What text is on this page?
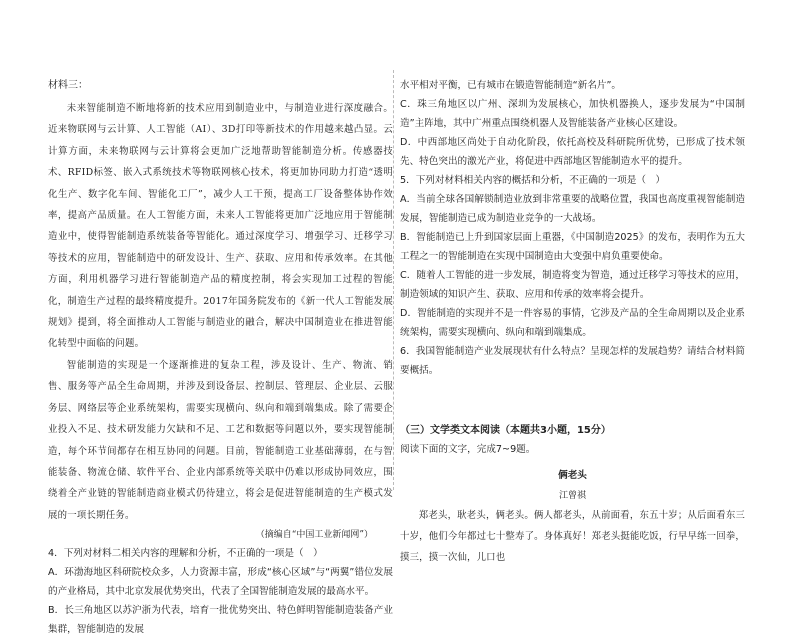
材料三：

未来智能制造不断地将新的技术应用到制造业中，与制造业进行深度融合。近来物联网与云计算、人工智能（AI）、3D打印等新技术的作用越来越凸显。云计算方面，未来物联网与云计算将会更加广泛地帮助智能制造分析。传感器技术、RFID标签、嵌入式系统技术等物联网核心技术，将更加协同助力打造“透明化生产、数字化车间、智能化工厂”，减少人工干预，提高工厂设备整体协作效率，提高产品质量。在人工智能方面，未来人工智能将更加广泛地应用于智能制造业中，使得智能制造系统装备等智能化。通过深度学习、增强学习、迁移学习等技术的应用，智能制造中的研发设计、生产、获取、应用和传承效率。在其他方面，利用机器学习进行智能制造产品的精度控制，将会实现加工过程的智能化，制造生产过程的最终精度提升。2017年国务院发布的《新一代人工智能发展规划》提到，将全面推动人工智能与制造业的融合，解决中国制造业在推进智能化转型中面临的问题。

智能制造的实现是一个逐渐推进的复杂工程，涉及设计、生产、物流、销售、服务等产品全生命周期，并涉及到设备层、控制层、管理层、企业层、云服务层、网络层等企业系统架构，需要实现横向、纵向和端到端集成。除了需要企业投入不足、技术研发能力欠缺和不足、工艺和数据等问题以外，要实现智能制造，每个环节间都存在相互协同的问题。目前，智能制造工业基础薄弱，在与智能装备、物流仓储、软件平台、企业内部系统等关联中仍难以形成协同效应，围绕着全产业链的智能制造商业模式仍待建立，将会是促进智能制造的生产模式发展的一项长期任务。

（摘编自“中国工业新闻网”）

4．下列对材料二相关内容的理解和分析，不正确的一项是（　）

A．环渤海地区科研院校众多，人力资源丰富，形成“核心区域”与“两翼”错位发展的产业格局，其中北京发展优势突出，代表了全国智能制造发展的最高水平。

B．长三角地区以苏沪浙为代表，培育一批优势突出、特色鲜明智能制造装备产业集群，智能制造的发展

水平相对平衡，已有城市在锻造智能制造“新名片”。

C．珠三角地区以广州、深圳为发展核心，加快机器换人，逐步发展为“中国制造”主阵地，其中广州重点围绕机器人及智能装备产业核心区建设。

D．中西部地区尚处于自动化阶段，依托高校及科研院所优势，已形成了技术领先、特色突出的激光产业，将促进中西部地区智能制造水平的提升。

5．下列对材料相关内容的概括和分析，不正确的一项是（　）

A．当前全球各国解锁制造业放到非常重要的战略位置，我国也高度重视智能制造发展，智能制造已成为制造业竞争的一大战场。

B．智能制造已上升到国家层面上重器，《中国制造2025》的发布，表明作为五大工程之一的智能制造在实现中国制造由大变强中肩负重要使命。

C．随着人工智能的进一步发展，制造将变为智造，通过迁移学习等技术的应用，制造领域的知识产生、获取、应用和传承的效率将会提升。

D．智能制造的实现并不是一件容易的事情，它涉及产品的全生命周期以及企业系统架构，需要实现横向、纵向和端到端集成。

6．我国智能制造产业发展现状有什么特点？呈现怎样的发展趋势？请结合材料简要概括。

（三）文学类文本阅读（本题共3小题，15分）

阅读下面的文字，完成7~9题。

俩老头

江曾祺

郑老头，耿老头，俩老头。俩人都老头，从前面看，东五十岁；从后面看东三十岁，他们今年都过七十整寿了。身体真好！郑老头挺能吃饭，行早早练一回拳，摸三，摸一次仙，儿口也
